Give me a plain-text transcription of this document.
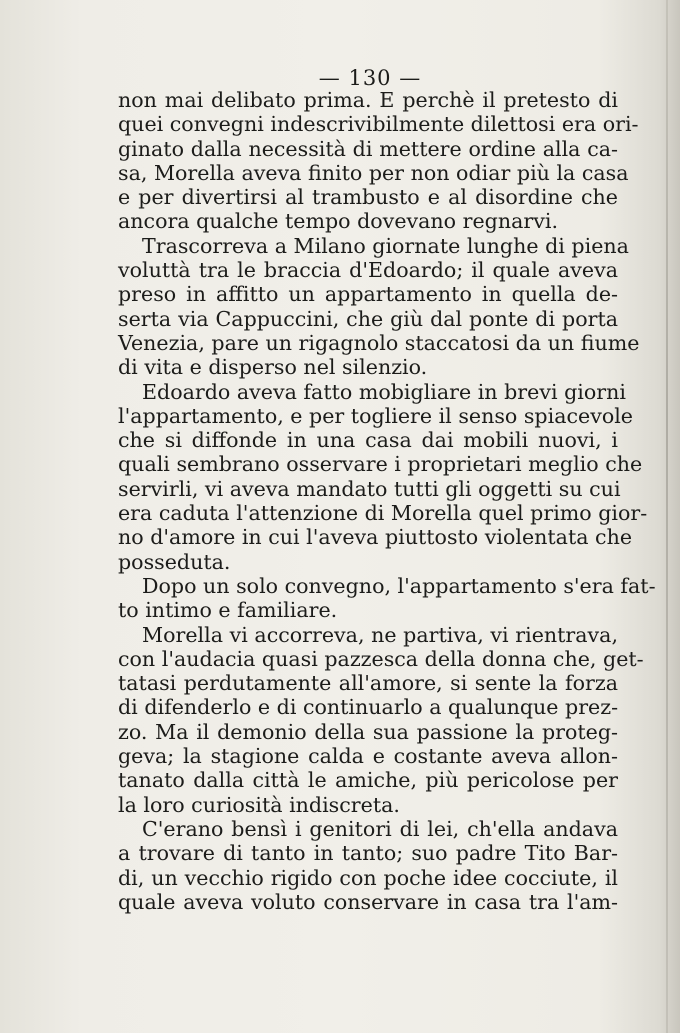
— 130 —
non mai delibato prima. E perchè il pretesto di
quei convegni indescrivibilmente dilettosi era ori-
ginato dalla necessità di mettere ordine alla ca-
sa, Morella aveva finito per non odiar più la casa
e per divertirsi al trambusto e al disordine che
ancora qualche tempo dovevano regnarvi.
Trascorreva a Milano giornate lunghe di piena
voluttà tra le braccia d'Edoardo; il quale aveva
preso in affitto un appartamento in quella de-
serta via Cappuccini, che giù dal ponte di porta
Venezia, pare un rigagnolo staccatosi da un fiume
di vita e disperso nel silenzio.
Edoardo aveva fatto mobigliare in brevi giorni
l'appartamento, e per togliere il senso spiacevole
che si diffonde in una casa dai mobili nuovi, i
quali sembrano osservare i proprietari meglio che
servirli, vi aveva mandato tutti gli oggetti su cui
era caduta l'attenzione di Morella quel primo gior-
no d'amore in cui l'aveva piuttosto violentata che
posseduta.
Dopo un solo convegno, l'appartamento s'era fat-
to intimo e familiare.
Morella vi accorreva, ne partiva, vi rientrava,
con l'audacia quasi pazzesca della donna che, get-
tatasi perdutamente all'amore, si sente la forza
di difenderlo e di continuarlo a qualunque prez-
zo. Ma il demonio della sua passione la proteg-
geva; la stagione calda e costante aveva allon-
tanato dalla città le amiche, più pericolose per
la loro curiosità indiscreta.
C'erano bensì i genitori di lei, ch'ella andava
a trovare di tanto in tanto; suo padre Tito Bar-
di, un vecchio rigido con poche idee cocciute, il
quale aveva voluto conservare in casa tra l'am-
